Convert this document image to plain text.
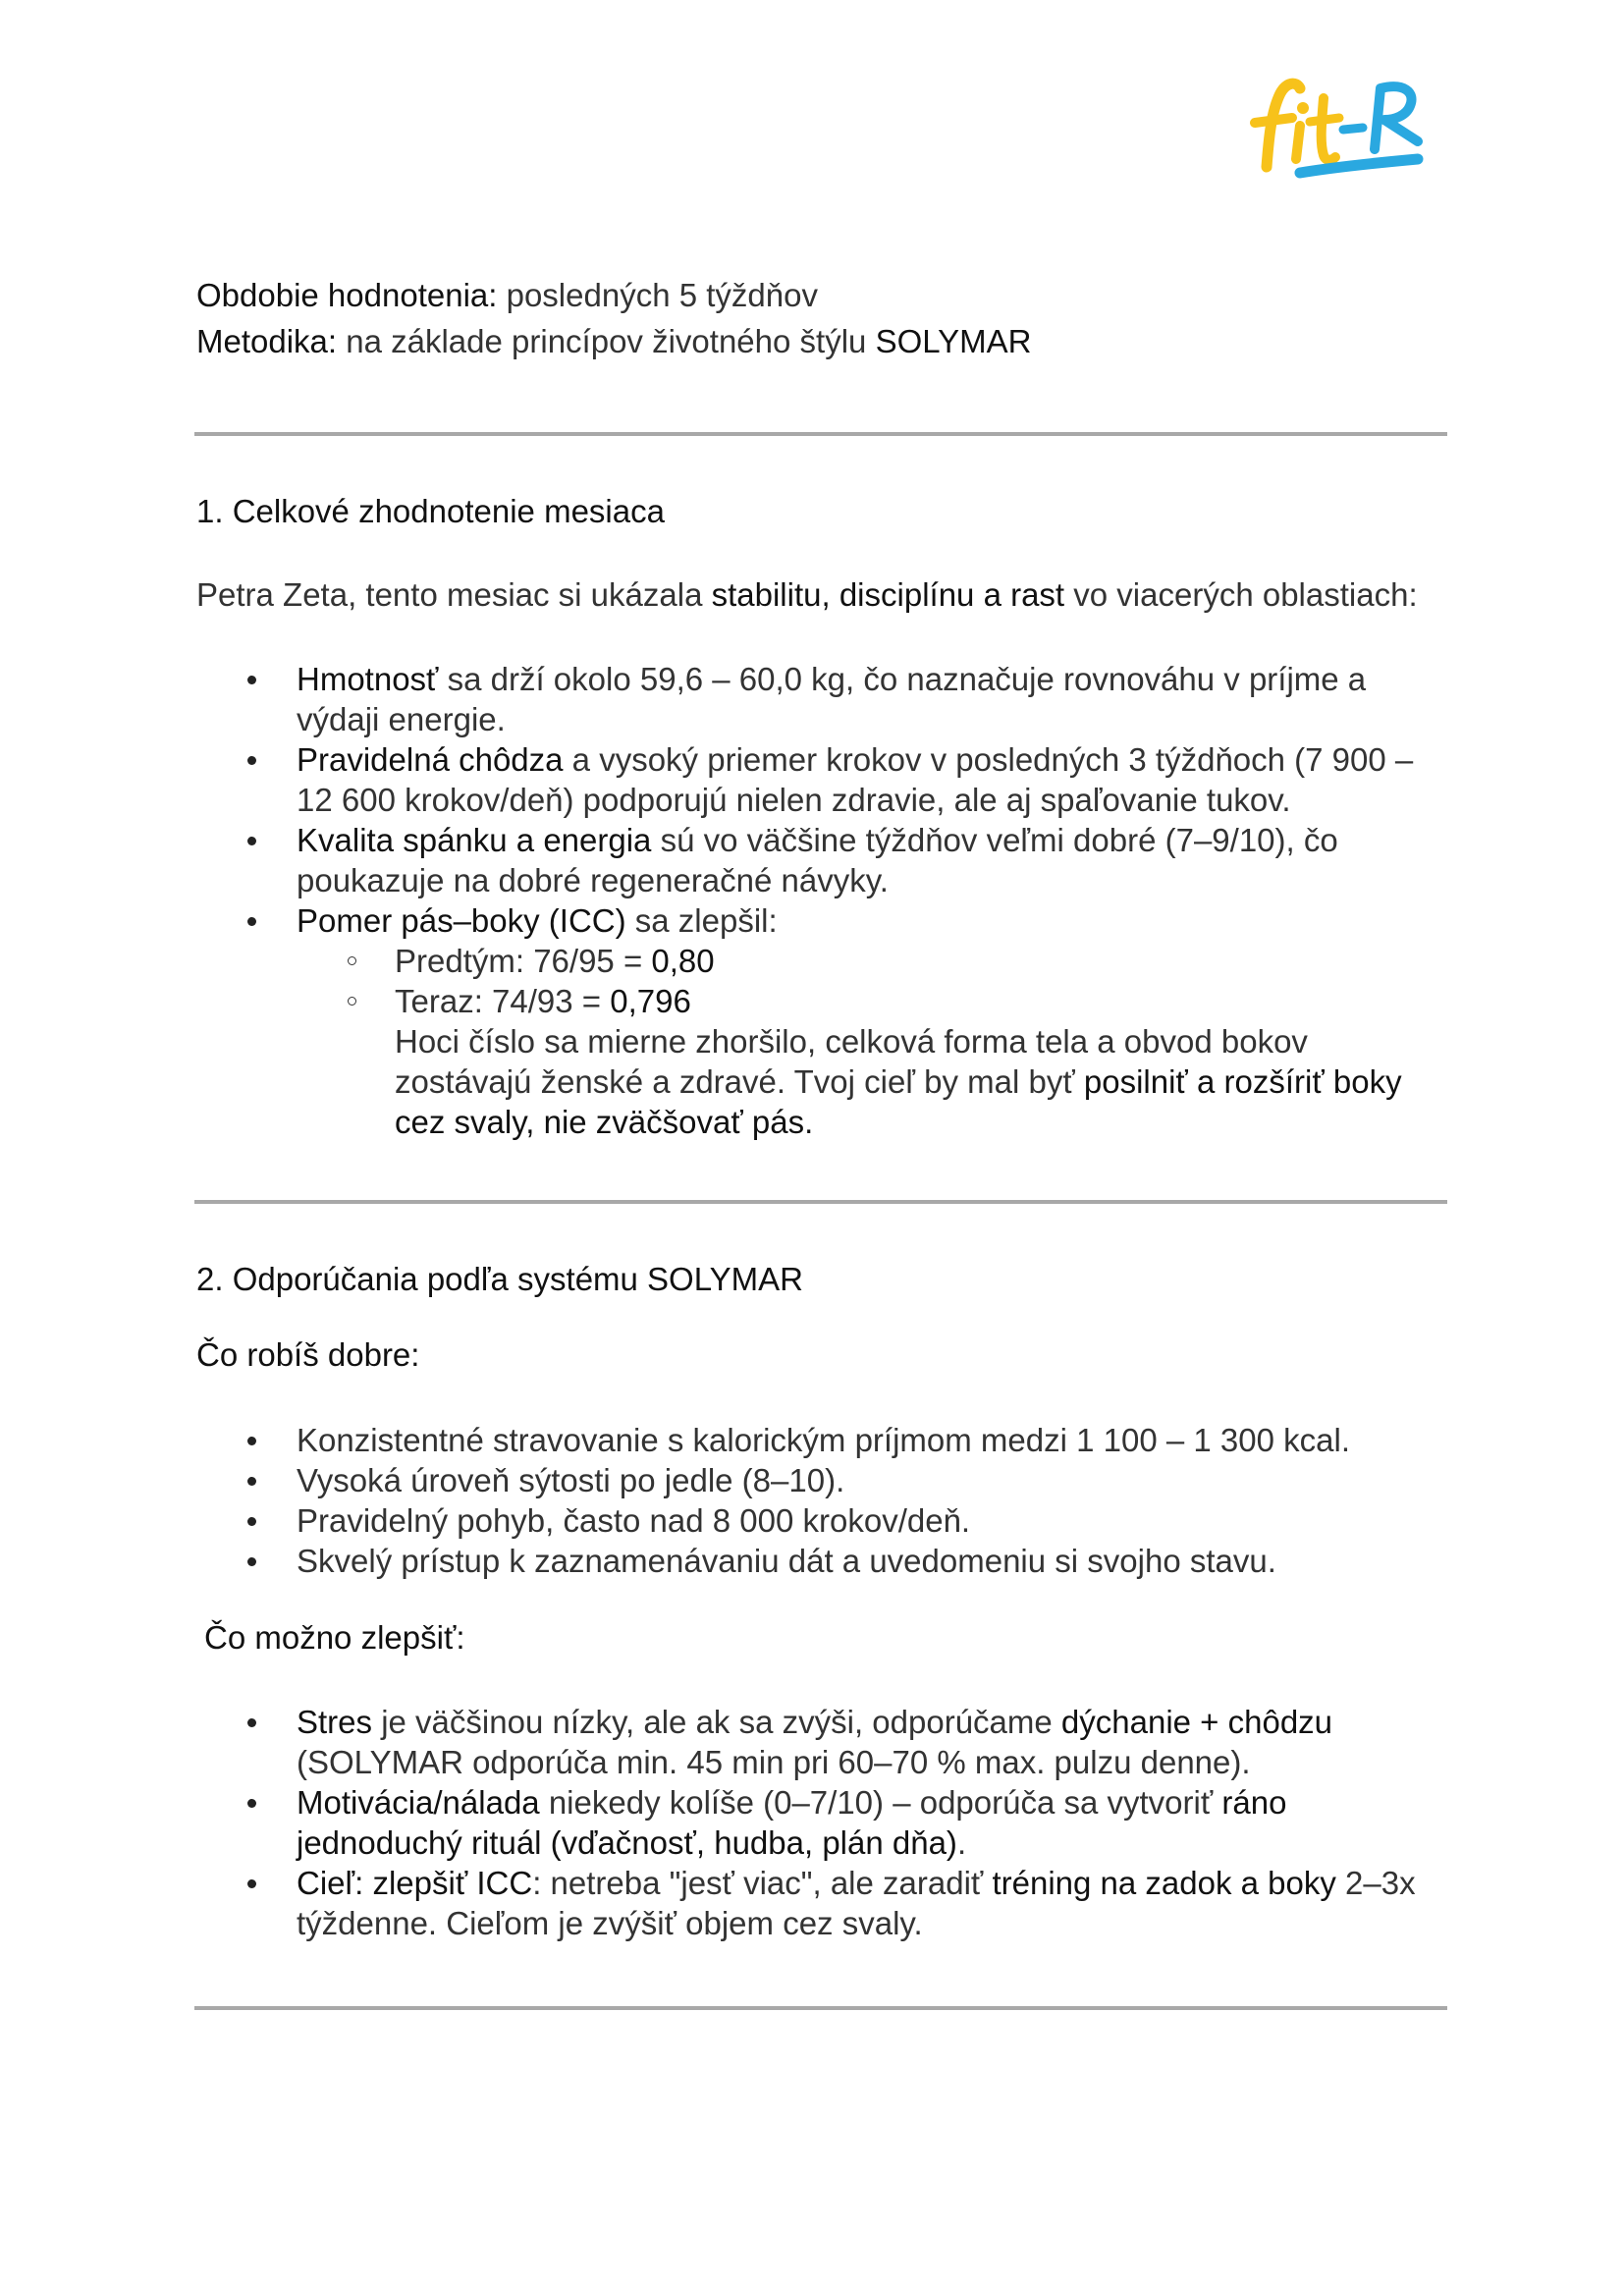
Obdobie hodnotenia: posledných 5 týždňov
Metodika: na základe princípov životného štýlu SOLYMAR
1. Celkové zhodnotenie mesiaca
Petra Zeta, tento mesiac si ukázala stabilitu, disciplínu a rast vo viacerých oblastiach:
Hmotnosť sa drží okolo 59,6 – 60,0 kg, čo naznačuje rovnováhu v príjme a výdaji energie.
Pravidelná chôdza a vysoký priemer krokov v posledných 3 týždňoch (7 900 – 12 600 krokov/deň) podporujú nielen zdravie, ale aj spaľovanie tukov.
Kvalita spánku a energia sú vo väčšine týždňov veľmi dobré (7–9/10), čo poukazuje na dobré regeneračné návyky.
Pomer pás–boky (ICC) sa zlepšil:
Predtým: 76/95 = 0,80
Teraz: 74/93 = 0,796
Hoci číslo sa mierne zhoršilo, celková forma tela a obvod bokov zostávajú ženské a zdravé. Tvoj cieľ by mal byť posilniť a rozšíriť boky cez svaly, nie zväčšovať pás.
2. Odporúčania podľa systému SOLYMAR
Čo robíš dobre:
Konzistentné stravovanie s kalorickým príjmom medzi 1 100 – 1 300 kcal.
Vysoká úroveň sýtosti po jedle (8–10).
Pravidelný pohyb, často nad 8 000 krokov/deň.
Skvelý prístup k zaznamenávaniu dát a uvedomeniu si svojho stavu.
Čo možno zlepšiť:
Stres je väčšinou nízky, ale ak sa zvýši, odporúčame dýchanie + chôdzu (SOLYMAR odporúča min. 45 min pri 60–70 % max. pulzu denne).
Motivácia/nálada niekedy kolíše (0–7/10) – odporúča sa vytvoriť ráno jednoduchý rituál (vďačnosť, hudba, plán dňa).
Cieľ: zlepšiť ICC: netreba "jesť viac", ale zaradiť tréning na zadok a boky 2–3x týždenne. Cieľom je zvýšiť objem cez svaly.
